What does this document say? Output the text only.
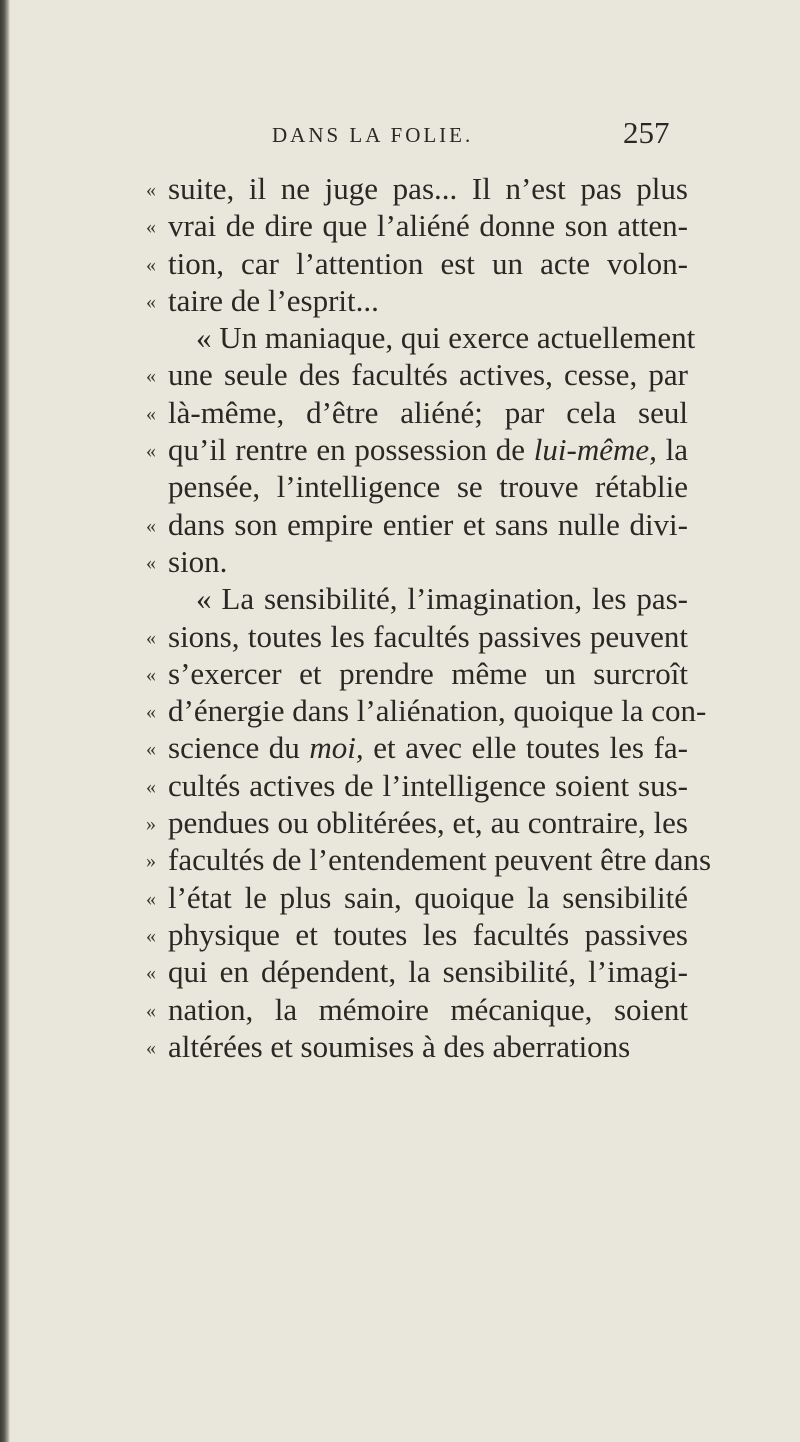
DANS LA FOLIE.	257
« suite, il ne juge pas... Il n’est pas plus
« vrai de dire que l’aliéné donne son atten-
« tion, car l’attention est un acte volon-
« taire de l’esprit...
« Un maniaque, qui exerce actuellement
« une seule des facultés actives, cesse, par
« là-même, d’être aliéné; par cela seul
« qu’il rentre en possession de lui-même, la
pensée, l’intelligence se trouve rétablie
« dans son empire entier et sans nulle divi-
« sion.
« La sensibilité, l’imagination, les pas-
« sions, toutes les facultés passives peuvent
« s’exercer et prendre même un surcroît
« d’énergie dans l’aliénation, quoique la con-
« science du moi, et avec elle toutes les fa-
« cultés actives de l’intelligence soient sus-
» pendues ou oblitérées, et, au contraire, les
» facultés de l’entendement peuvent être dans
« l’état le plus sain, quoique la sensibilité
« physique et toutes les facultés passives
« qui en dépendent, la sensibilité, l’imagi-
« nation, la mémoire mécanique, soient
« altérées et soumises à des aberrations
